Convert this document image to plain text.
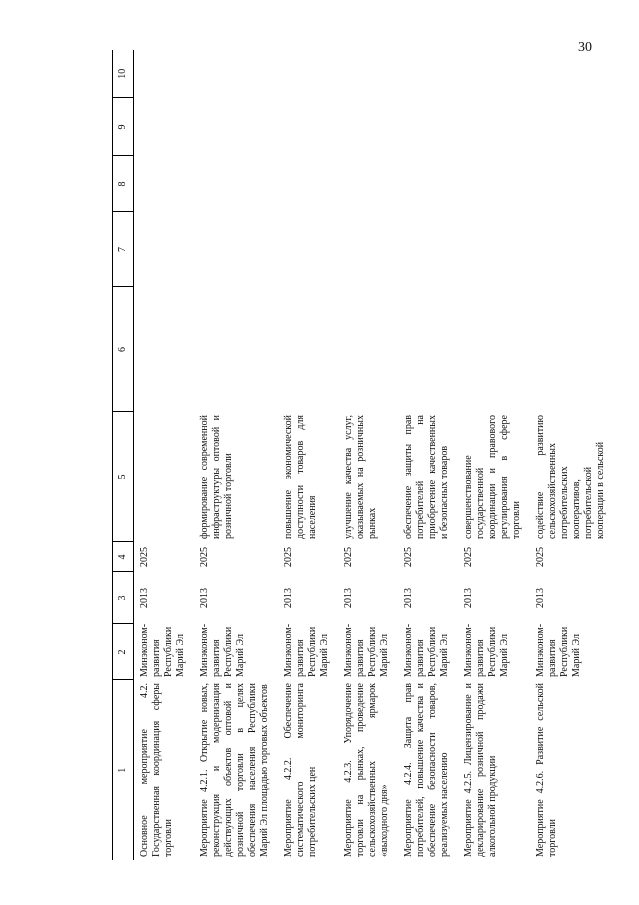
30
1	2	3	4	5	6	7	8	9	10
Основное мероприятие 4.2. Государственная координация сферы торговли	Минэконом-развития Республики Марий Эл	2013	2025						
Мероприятие 4.2.1. Открытие новых, реконструкция и модернизация действующих объектов оптовой и розничной торговли в целях обеспечения населения Республики Марий Эл площадью торговых объектов	Минэконом-развития Республики Марий Эл	2013	2025	формирование современной инфраструктуры оптовой и розничной торговли					
Мероприятие 4.2.2. Обеспечение систематического мониторинга потребительских цен	Минэконом-развития Республики Марий Эл	2013	2025	повышение экономической доступности товаров для населения					
Мероприятие 4.2.3. Упорядочение торговли на рынках, проведение сельскохозяйственных ярмарок «выходного дня»	Минэконом-развития Республики Марий Эл	2013	2025	улучшение качества услуг, оказываемых на розничных рынках					
Мероприятие 4.2.4. Защита прав потребителей, повышение качества и обеспечение безопасности товаров, реализуемых населению	Минэконом-развития Республики Марий Эл	2013	2025	обеспечение защиты прав потребителей на приобретение качественных и безопасных товаров					
Мероприятие 4.2.5. Лицензирование и декларирование розничной продажи алкогольной продукции	Минэконом-развития Республики Марий Эл	2013	2025	совершенствование государственной координации и правового регулирования в сфере торговли					
Мероприятие 4.2.6. Развитие сельской торговли	Минэконом-развития Республики Марий Эл	2013	2025	содействие развитию сельскохозяйственных потребительских кооперативов, потребительской кооперации в сельской					
